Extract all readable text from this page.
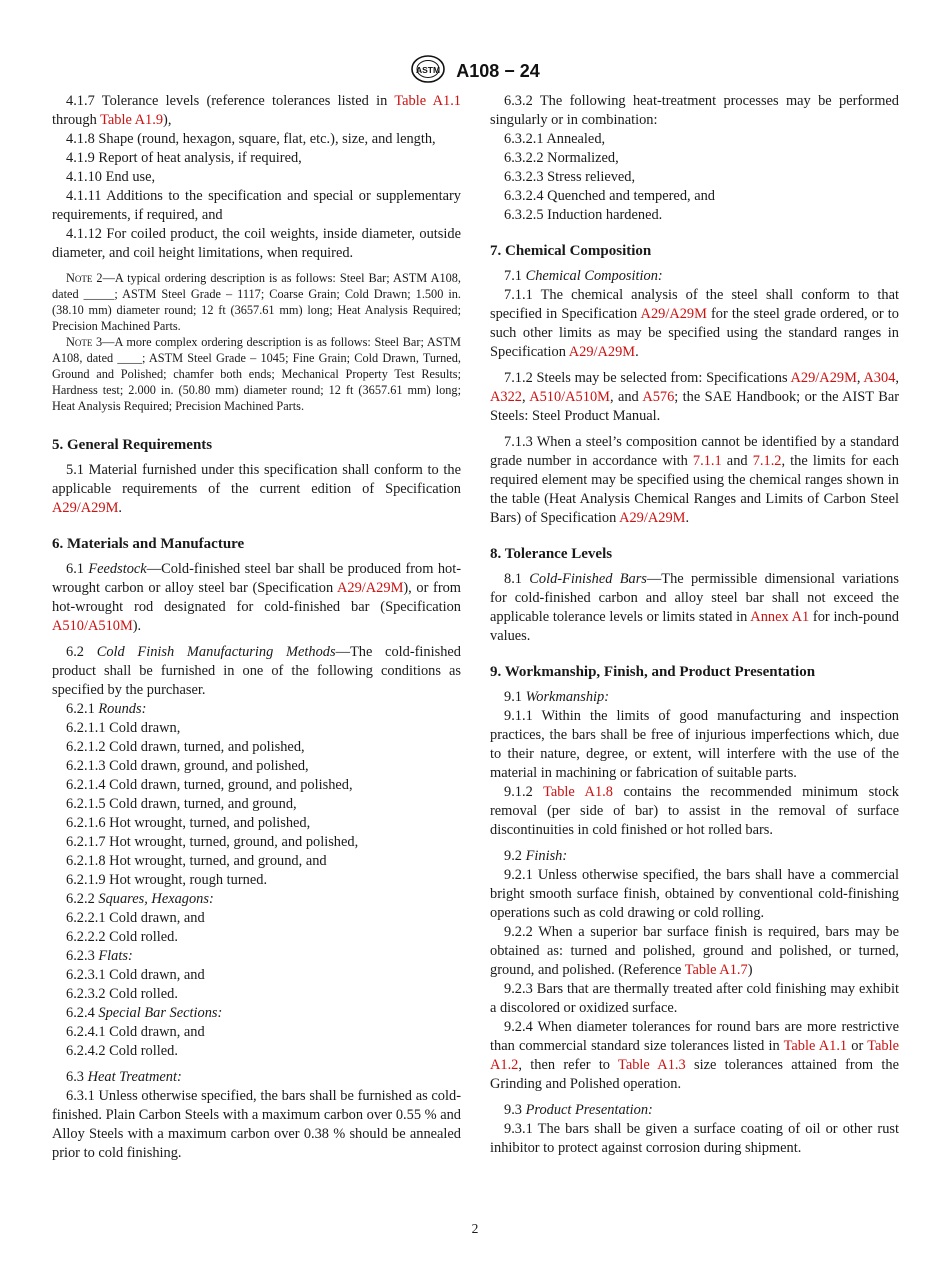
ASTM A108 − 24

4.1.7 Tolerance levels (reference tolerances listed in Table A1.1 through Table A1.9),

4.1.8 Shape (round, hexagon, square, flat, etc.), size, and length,

4.1.9 Report of heat analysis, if required,

4.1.10 End use,

4.1.11 Additions to the specification and special or supplementary requirements, if required, and

4.1.12 For coiled product, the coil weights, inside diameter, outside diameter, and coil height limitations, when required.

Note 2—A typical ordering description is as follows: Steel Bar; ASTM A108, dated _____; ASTM Steel Grade – 1117; Coarse Grain; Cold Drawn; 1.500 in. (38.10 mm) diameter round; 12 ft (3657.61 mm) long; Heat Analysis Required; Precision Machined Parts.

Note 3—A more complex ordering description is as follows: Steel Bar; ASTM A108, dated ____; ASTM Steel Grade – 1045; Fine Grain; Cold Drawn, Turned, Ground and Polished; chamfer both ends; Mechanical Property Test Results; Hardness test; 2.000 in. (50.80 mm) diameter round; 12 ft (3657.61 mm) long; Heat Analysis Required; Precision Machined Parts.

5. General Requirements

5.1 Material furnished under this specification shall conform to the applicable requirements of the current edition of Specification A29/A29M.

6. Materials and Manufacture

6.1 Feedstock—Cold-finished steel bar shall be produced from hot-wrought carbon or alloy steel bar (Specification A29/A29M), or from hot-wrought rod designated for cold-finished bar (Specification A510/A510M).

6.2 Cold Finish Manufacturing Methods—The cold-finished product shall be furnished in one of the following conditions as specified by the purchaser.

6.2.1 Rounds:

6.2.1.1 Cold drawn,

6.2.1.2 Cold drawn, turned, and polished,

6.2.1.3 Cold drawn, ground, and polished,

6.2.1.4 Cold drawn, turned, ground, and polished,

6.2.1.5 Cold drawn, turned, and ground,

6.2.1.6 Hot wrought, turned, and polished,

6.2.1.7 Hot wrought, turned, ground, and polished,

6.2.1.8 Hot wrought, turned, and ground, and

6.2.1.9 Hot wrought, rough turned.

6.2.2 Squares, Hexagons:

6.2.2.1 Cold drawn, and

6.2.2.2 Cold rolled.

6.2.3 Flats:

6.2.3.1 Cold drawn, and

6.2.3.2 Cold rolled.

6.2.4 Special Bar Sections:

6.2.4.1 Cold drawn, and

6.2.4.2 Cold rolled.

6.3 Heat Treatment:

6.3.1 Unless otherwise specified, the bars shall be furnished as cold-finished. Plain Carbon Steels with a maximum carbon over 0.55 % and Alloy Steels with a maximum carbon over 0.38 % should be annealed prior to cold finishing.

6.3.2 The following heat-treatment processes may be performed singularly or in combination:

6.3.2.1 Annealed,

6.3.2.2 Normalized,

6.3.2.3 Stress relieved,

6.3.2.4 Quenched and tempered, and

6.3.2.5 Induction hardened.

7. Chemical Composition

7.1 Chemical Composition:

7.1.1 The chemical analysis of the steel shall conform to that specified in Specification A29/A29M for the steel grade ordered, or to such other limits as may be specified using the standard ranges in Specification A29/A29M.

7.1.2 Steels may be selected from: Specifications A29/A29M, A304, A322, A510/A510M, and A576; the SAE Handbook; or the AIST Bar Steels: Steel Product Manual.

7.1.3 When a steel’s composition cannot be identified by a standard grade number in accordance with 7.1.1 and 7.1.2, the limits for each required element may be specified using the chemical ranges shown in the table (Heat Analysis Chemical Ranges and Limits of Carbon Steel Bars) of Specification A29/A29M.

8. Tolerance Levels

8.1 Cold-Finished Bars—The permissible dimensional variations for cold-finished carbon and alloy steel bar shall not exceed the applicable tolerance levels or limits stated in Annex A1 for inch-pound values.

9. Workmanship, Finish, and Product Presentation

9.1 Workmanship:

9.1.1 Within the limits of good manufacturing and inspection practices, the bars shall be free of injurious imperfections which, due to their nature, degree, or extent, will interfere with the use of the material in machining or fabrication of suitable parts.

9.1.2 Table A1.8 contains the recommended minimum stock removal (per side of bar) to assist in the removal of surface discontinuities in cold finished or hot rolled bars.

9.2 Finish:

9.2.1 Unless otherwise specified, the bars shall have a commercial bright smooth surface finish, obtained by conventional cold-finishing operations such as cold drawing or cold rolling.

9.2.2 When a superior bar surface finish is required, bars may be obtained as: turned and polished, ground and polished, or turned, ground, and polished. (Reference Table A1.7)

9.2.3 Bars that are thermally treated after cold finishing may exhibit a discolored or oxidized surface.

9.2.4 When diameter tolerances for round bars are more restrictive than commercial standard size tolerances listed in Table A1.1 or Table A1.2, then refer to Table A1.3 size tolerances attained from the Grinding and Polished operation.

9.3 Product Presentation:

9.3.1 The bars shall be given a surface coating of oil or other rust inhibitor to protect against corrosion during shipment.

2
